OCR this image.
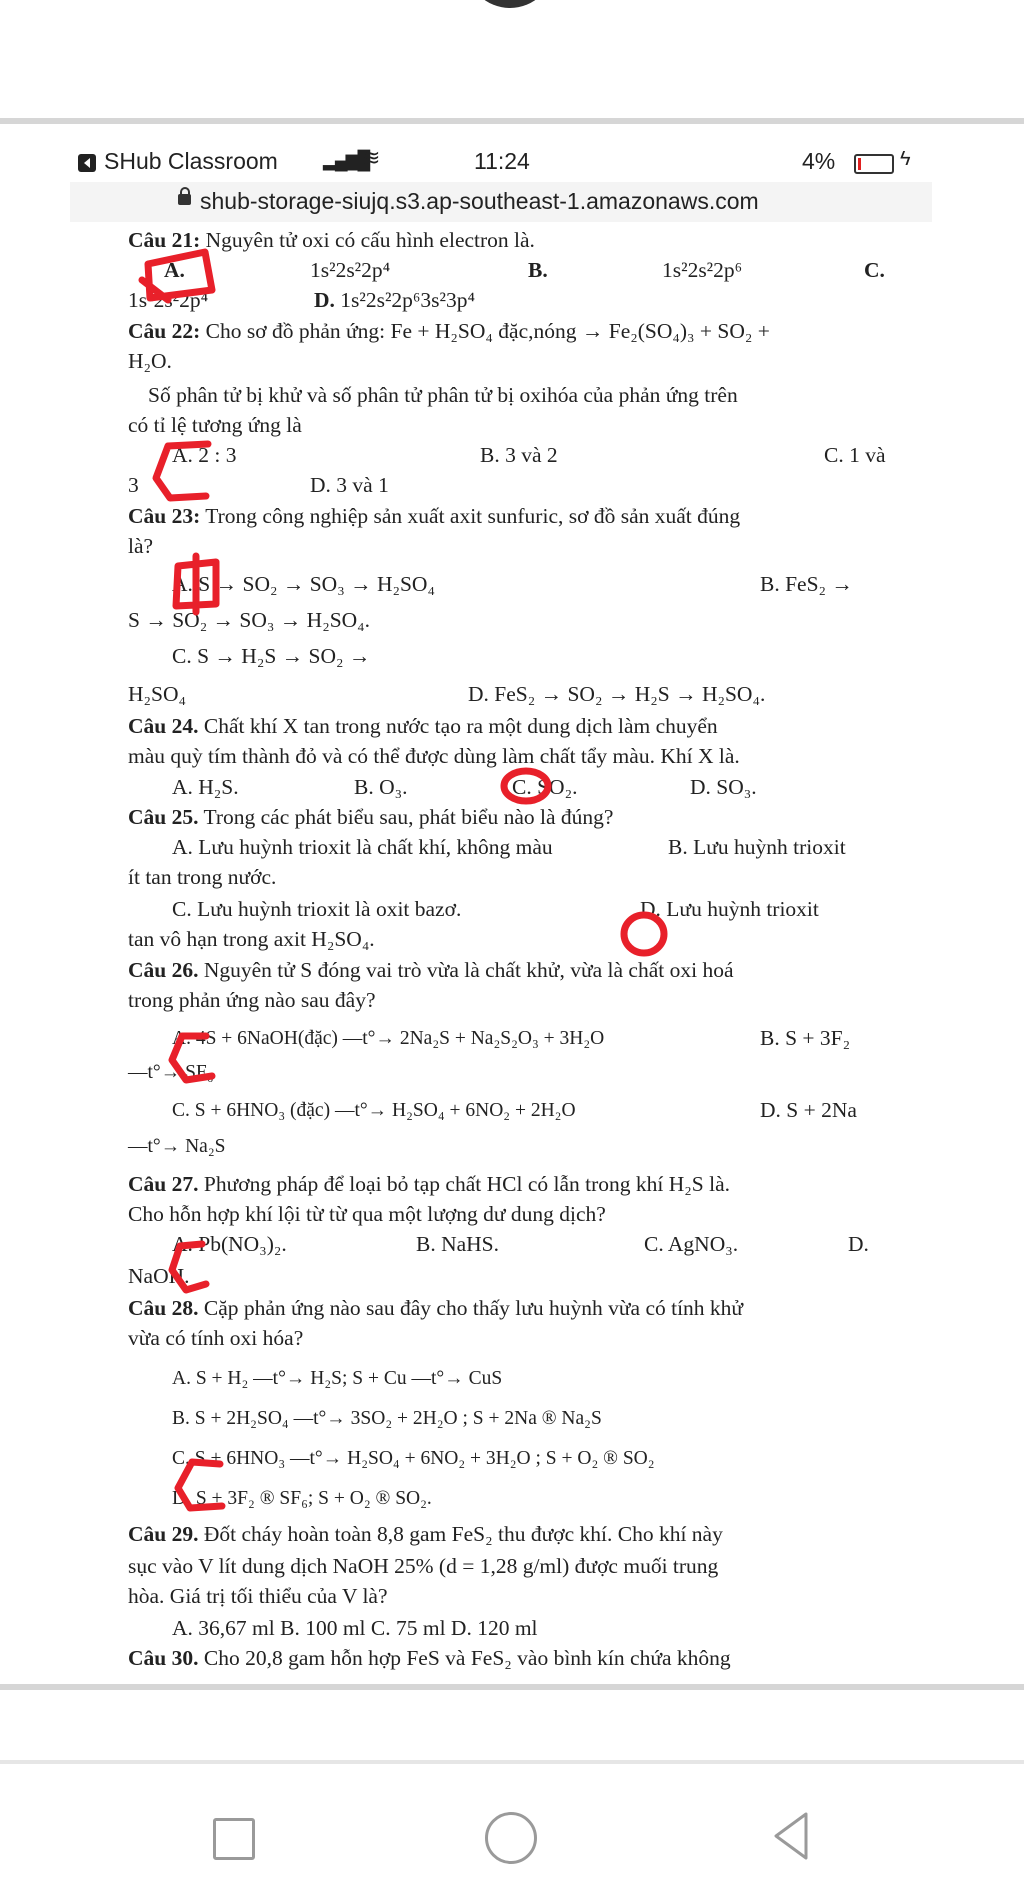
SHub Classroom	▂▄▆█
≋	11:24	4%	ϟ
shub-storage-siujq.s3.ap-southeast-1.amazonaws.com
Câu 21: Nguyên tử oxi có cấu hình electron là.
A.	1s²2s²2p⁴	B.	1s²2s²2p⁶	C.
1s²2s²2p⁴	D. 1s²2s²2p⁶3s²3p⁴
Câu 22: Cho sơ đồ phản ứng: Fe + H₂SO₄ đặc,nóng → Fe₂(SO₄)₃ + SO₂ +
H₂O.
Số phân tử bị khử và số phân tử phân tử bị oxihóa của phản ứng trên
có tỉ lệ tương ứng là
A. 2 : 3	B. 3 và 2	C. 1 và
3	D. 3 và 1
Câu 23: Trong công nghiệp sản xuất axit sunfuric, sơ đồ sản xuất đúng
là?
A. S → SO₂ → SO₃ → H₂SO₄	B. FeS₂ →
S → SO₂ → SO₃ → H₂SO₄.
C. S → H₂S → SO₂ →
H₂SO₄	D. FeS₂ → SO₂ → H₂S → H₂SO₄.
Câu 24. Chất khí X tan trong nước tạo ra một dung dịch làm chuyển
màu quỳ tím thành đỏ và có thể được dùng làm chất tẩy màu. Khí X là.
A. H₂S.	B. O₃.	C. SO₂.	D. SO₃.
Câu 25. Trong các phát biểu sau, phát biểu nào là đúng?
A. Lưu huỳnh trioxit là chất khí, không màu	B. Lưu huỳnh trioxit
ít tan trong nước.
C. Lưu huỳnh trioxit là oxit bazơ.	D. Lưu huỳnh trioxit
tan vô hạn trong axit H₂SO₄.
Câu 26. Nguyên tử S đóng vai trò vừa là chất khử, vừa là chất oxi hoá
trong phản ứng nào sau đây?
A. 4S + 6NaOH(đặc) —t°→ 2Na₂S + Na₂S₂O₃ + 3H₂O	B. S + 3F₂
—t°→ SF₆
C. S + 6HNO₃ (đặc) —t°→ H₂SO₄ + 6NO₂ + 2H₂O	D. S + 2Na
—t°→ Na₂S
Câu 27. Phương pháp để loại bỏ tạp chất HCl có lẫn trong khí H₂S là.
Cho hỗn hợp khí lội từ từ qua một lượng dư dung dịch?
A. Pb(NO₃)₂.	B. NaHS.	C. AgNO₃.	D.
NaOH.
Câu 28. Cặp phản ứng nào sau đây cho thấy lưu huỳnh vừa có tính khử
vừa có tính oxi hóa?
A. S + H₂ —t°→ H₂S; S + Cu —t°→ CuS
B. S + 2H₂SO₄ —t°→ 3SO₂ + 2H₂O ; S + 2Na ® Na₂S
C. S + 6HNO₃ —t°→ H₂SO₄ + 6NO₂ + 3H₂O ; S + O₂ ® SO₂
D. S + 3F₂ ® SF₆; S + O₂ ® SO₂.
Câu 29. Đốt cháy hoàn toàn 8,8 gam FeS₂ thu được khí. Cho khí này
sục vào V lít dung dịch NaOH 25% (d = 1,28 g/ml) được muối trung
hòa. Giá trị tối thiểu của V là?
A. 36,67 ml B. 100 ml C. 75 ml D. 120 ml
Câu 30. Cho 20,8 gam hỗn hợp FeS và FeS₂ vào bình kín chứa không
